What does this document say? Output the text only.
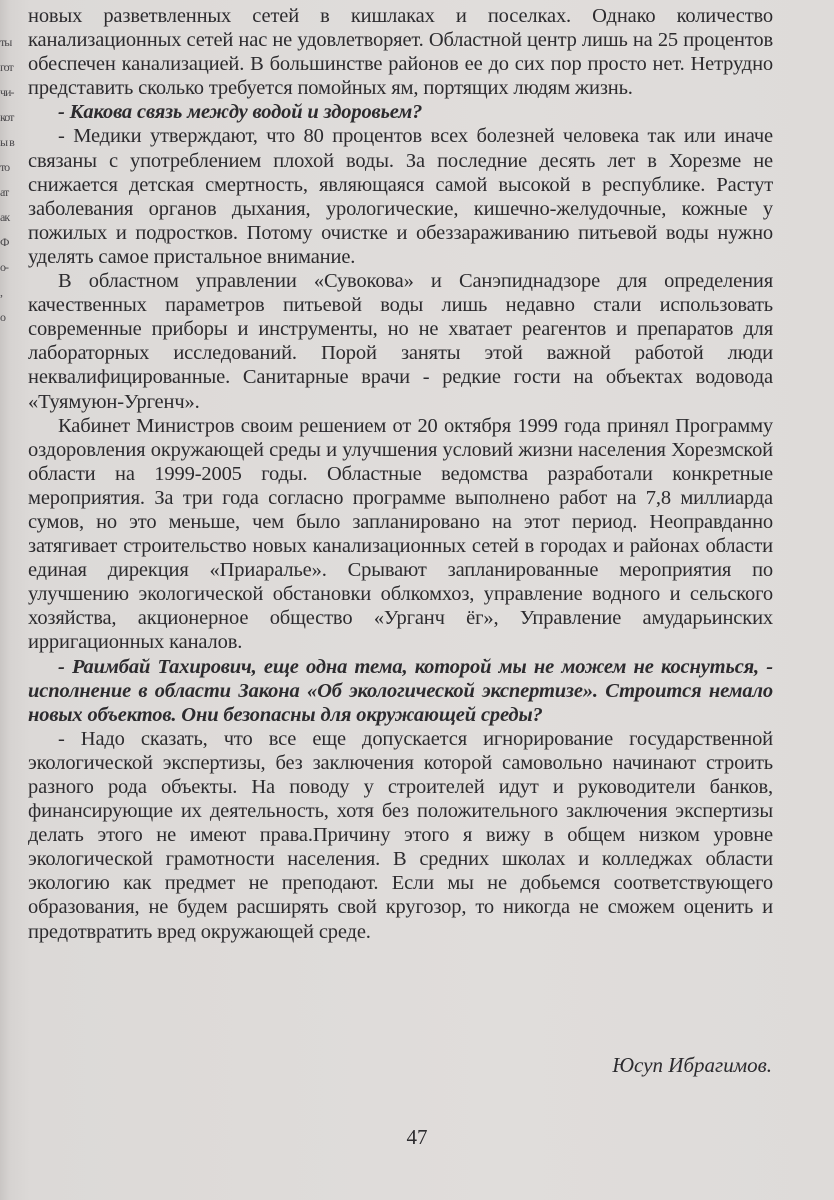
ты
гот
чи-
кот
ы в
то
ат
ак
Ф
о-
,
о

новых разветвленных сетей в кишлаках и поселках. Однако количество канализационных сетей нас не удовлетворяет. Областной центр лишь на 25 процентов обеспечен канализацией. В большинстве районов ее до сих пор просто нет. Нетрудно представить сколько требуется помойных ям, портящих людям жизнь.

- Какова связь между водой и здоровьем?

- Медики утверждают, что 80 процентов всех болезней человека так или иначе связаны с употреблением плохой воды. За последние десять лет в Хорезме не снижается детская смертность, являющаяся самой высокой в республике. Растут заболевания органов дыхания, урологические, кишечно-желудочные, кожные у пожилых и подростков. Потому очистке и обеззараживанию питьевой воды нужно уделять самое пристальное внимание.

В областном управлении «Сувокова» и Санэпиднадзоре для определения качественных параметров питьевой воды лишь недавно стали использовать современные приборы и инструменты, но не хватает реагентов и препаратов для лабораторных исследований. Порой заняты этой важной работой люди неквалифицированные. Санитарные врачи - редкие гости на объектах водовода «Туямуюн-Ургенч».

Кабинет Министров своим решением от 20 октября 1999 года принял Программу оздоровления окружающей среды и улучшения условий жизни населения Хорезмской области на 1999-2005 годы. Областные ведомства разработали конкретные мероприятия. За три года согласно программе выполнено работ на 7,8 миллиарда сумов, но это меньше, чем было запланировано на этот период. Неоправданно затягивает строительство новых канализационных сетей в городах и районах области единая дирекция «Приаралье». Срывают запланированные мероприятия по улучшению экологической обстановки облкомхоз, управление водного и сельского хозяйства, акционерное общество «Урганч ёг», Управление амударьинских ирригационных каналов.

- Раимбай Тахирович, еще одна тема, которой мы не можем не коснуться, - исполнение в области Закона «Об экологической экспертизе». Строится немало новых объектов. Они безопасны для окружающей среды?

- Надо сказать, что все еще допускается игнорирование государственной экологической экспертизы, без заключения которой самовольно начинают строить разного рода объекты. На поводу у строителей идут и руководители банков, финансирующие их деятельность, хотя без положительного заключения экспертизы делать этого не имеют права.Причину этого я вижу в общем низком уровне экологической грамотности населения. В средних школах и колледжах области экологию как предмет не преподают. Если мы не добьемся соответствующего образования, не будем расширять свой кругозор, то никогда не сможем оценить и предотвратить вред окружающей среде.

Юсуп Ибрагимов.
47
